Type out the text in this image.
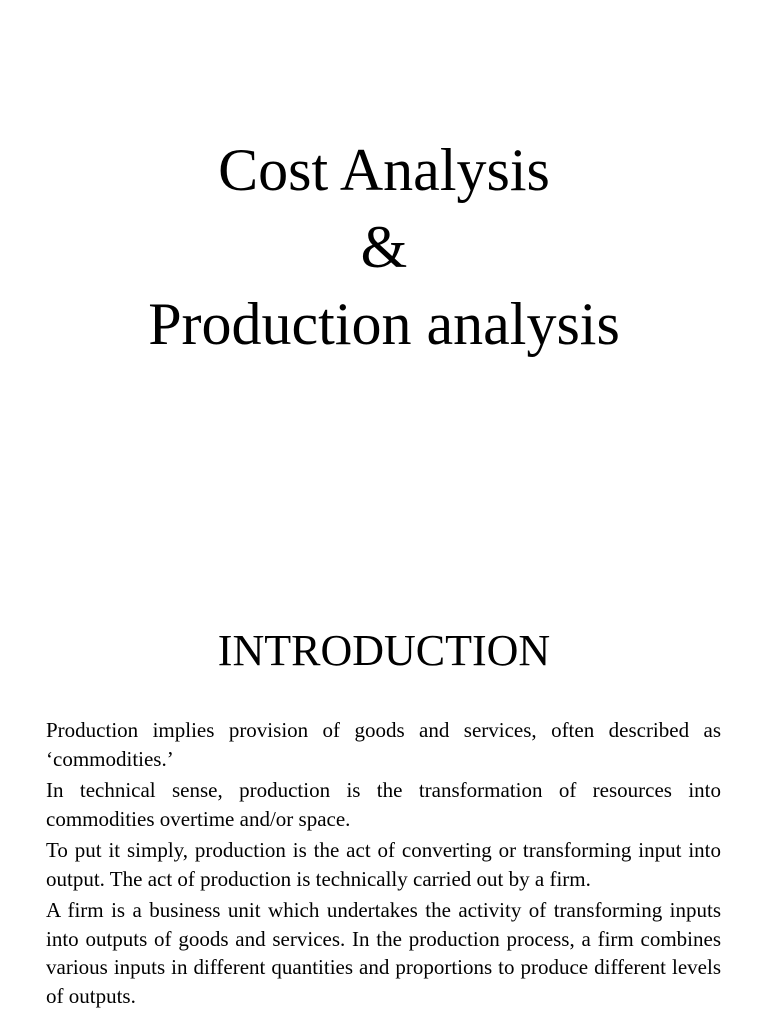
Cost Analysis
&
Production analysis
INTRODUCTION

Production implies provision of goods and services, often described as ‘commodities.’

In technical sense, production is the transformation of resources into commodities overtime and/or space.

To put it simply, production is the act of converting or transforming input into output. The act of production is technically carried out by a firm.

A firm is a business unit which undertakes the activity of transforming inputs into outputs of goods and services. In the production process, a firm combines various inputs in different quantities and proportions to produce different levels of outputs.
